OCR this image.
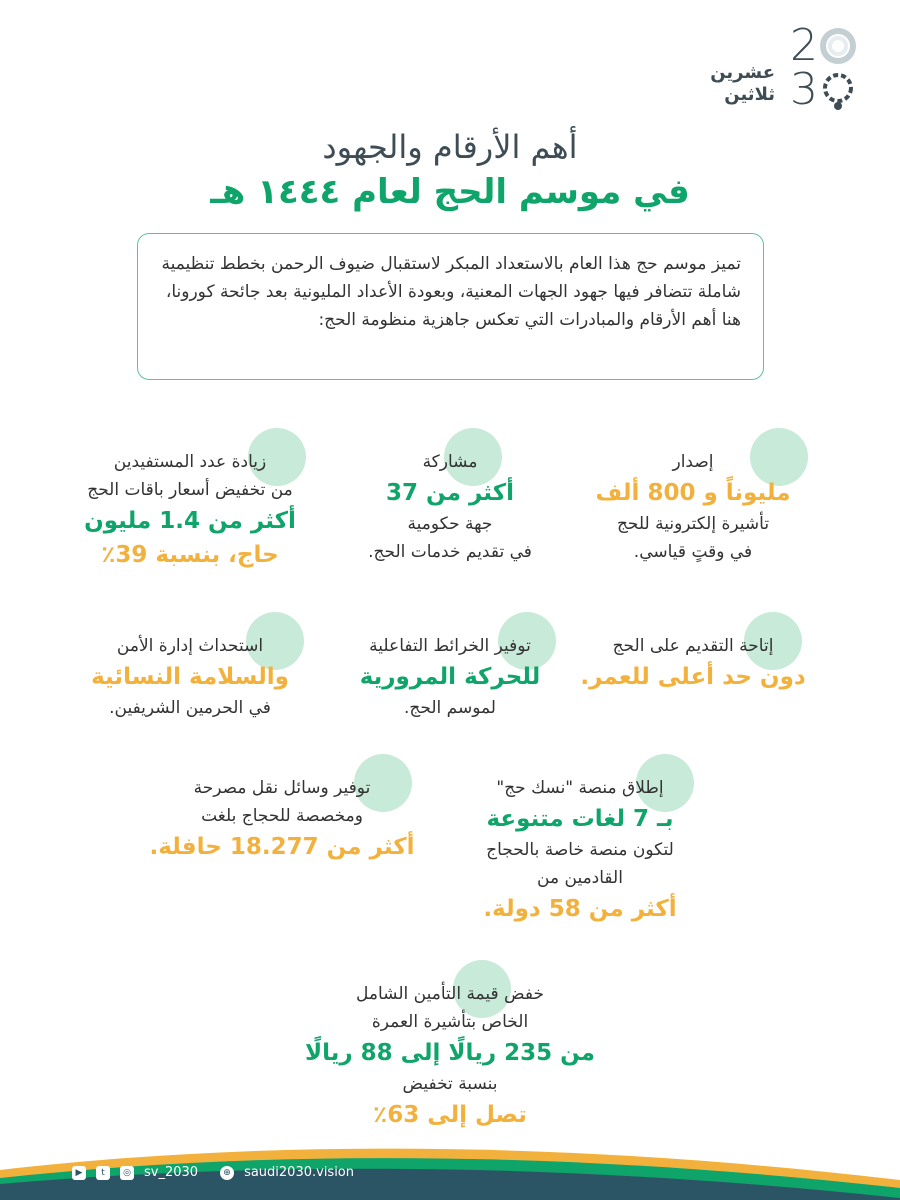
2
3
عشرين
ثلاثين
أهم الأرقام والجهود
في موسم الحج لعام ١٤٤٤ هـ

تميز موسم حج هذا العام بالاستعداد المبكر لاستقبال ضيوف الرحمن بخطط تنظيمية شاملة تتضافر فيها جهود الجهات المعنية، وبعودة الأعداد المليونية بعد جائحة كورونا، هنا أهم الأرقام والمبادرات التي تعكس جاهزية منظومة الحج:

إصدار
مليوناً و 800 ألف
تأشيرة إلكترونية للحج
في وقتٍ قياسي.
مشاركة
أكثر من 37
جهة حكومية
في تقديم خدمات الحج.
زيادة عدد المستفيدين
من تخفيض أسعار باقات الحج
أكثر من 1.4 مليون
حاج، بنسبة 39٪
إتاحة التقديم على الحج
دون حد أعلى للعمر.
توفير الخرائط التفاعلية
للحركة المرورية
لموسم الحج.
استحداث إدارة الأمن
والسلامة النسائية
في الحرمين الشريفين.
إطلاق منصة "نسك حج"
بـ 7 لغات متنوعة
لتكون منصة خاصة بالحجاج
القادمين من
أكثر من 58 دولة.
توفير وسائل نقل مصرحة
ومخصصة للحجاج بلغت
أكثر من 18.277 حافلة.
خفض قيمة التأمين الشامل
الخاص بتأشيرة العمرة
من 235 ريالًا إلى 88 ريالًا
بنسبة تخفيض
تصل إلى 63٪
▶	t	◎ sv_2030	⊕ saudi2030.vision
